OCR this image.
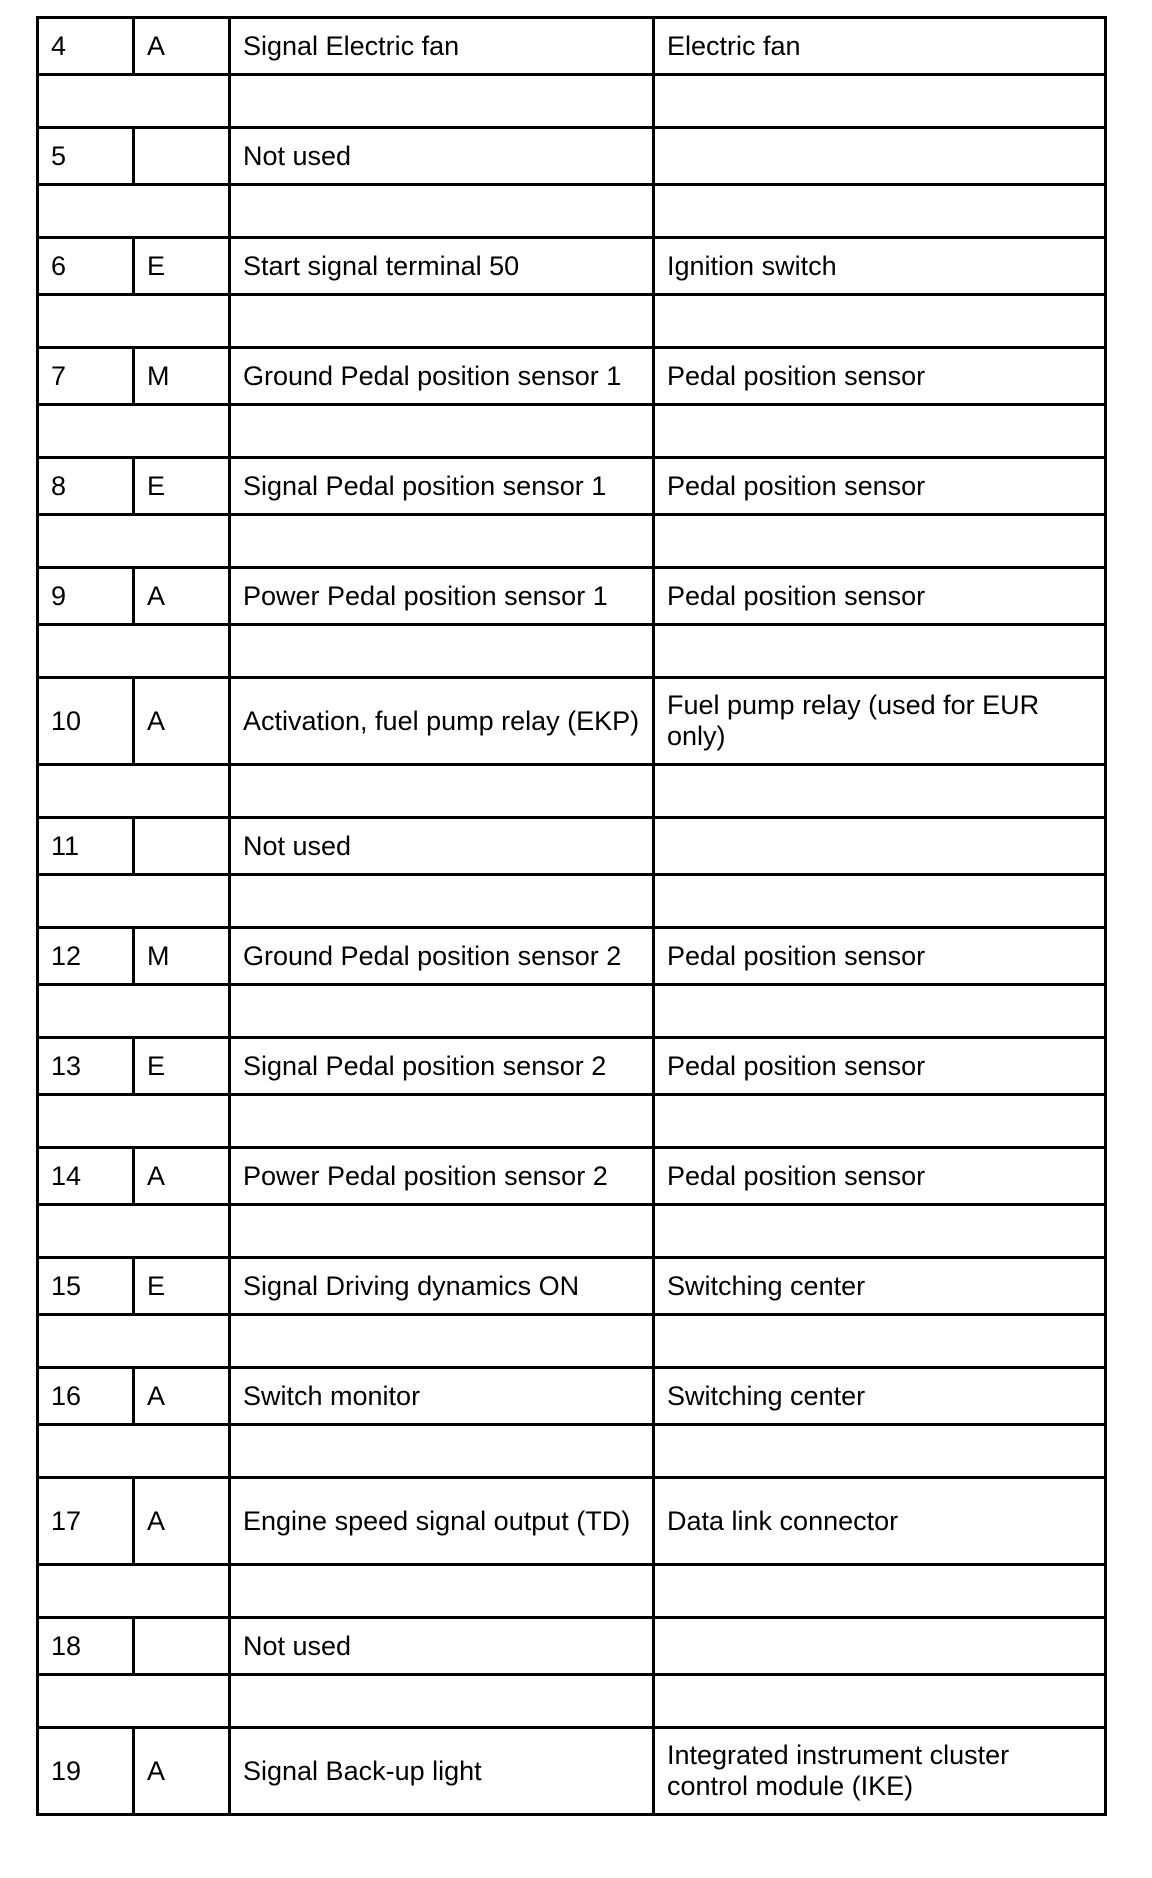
4	A	Signal Electric fan	Electric fan

5		Not used	

6	E	Start signal terminal 50	Ignition switch

7	M	Ground Pedal position sensor 1	Pedal position sensor

8	E	Signal Pedal position sensor 1	Pedal position sensor

9	A	Power Pedal position sensor 1	Pedal position sensor

10	A	Activation, fuel pump relay (EKP)	Fuel pump relay (used for EUR only)

11		Not used	

12	M	Ground Pedal position sensor 2	Pedal position sensor

13	E	Signal Pedal position sensor 2	Pedal position sensor

14	A	Power Pedal position sensor 2	Pedal position sensor

15	E	Signal Driving dynamics ON	Switching center

16	A	Switch monitor	Switching center

17	A	Engine speed signal output (TD)	Data link connector

18		Not used	

19	A	Signal Back-up light	Integrated instrument cluster control module (IKE)
